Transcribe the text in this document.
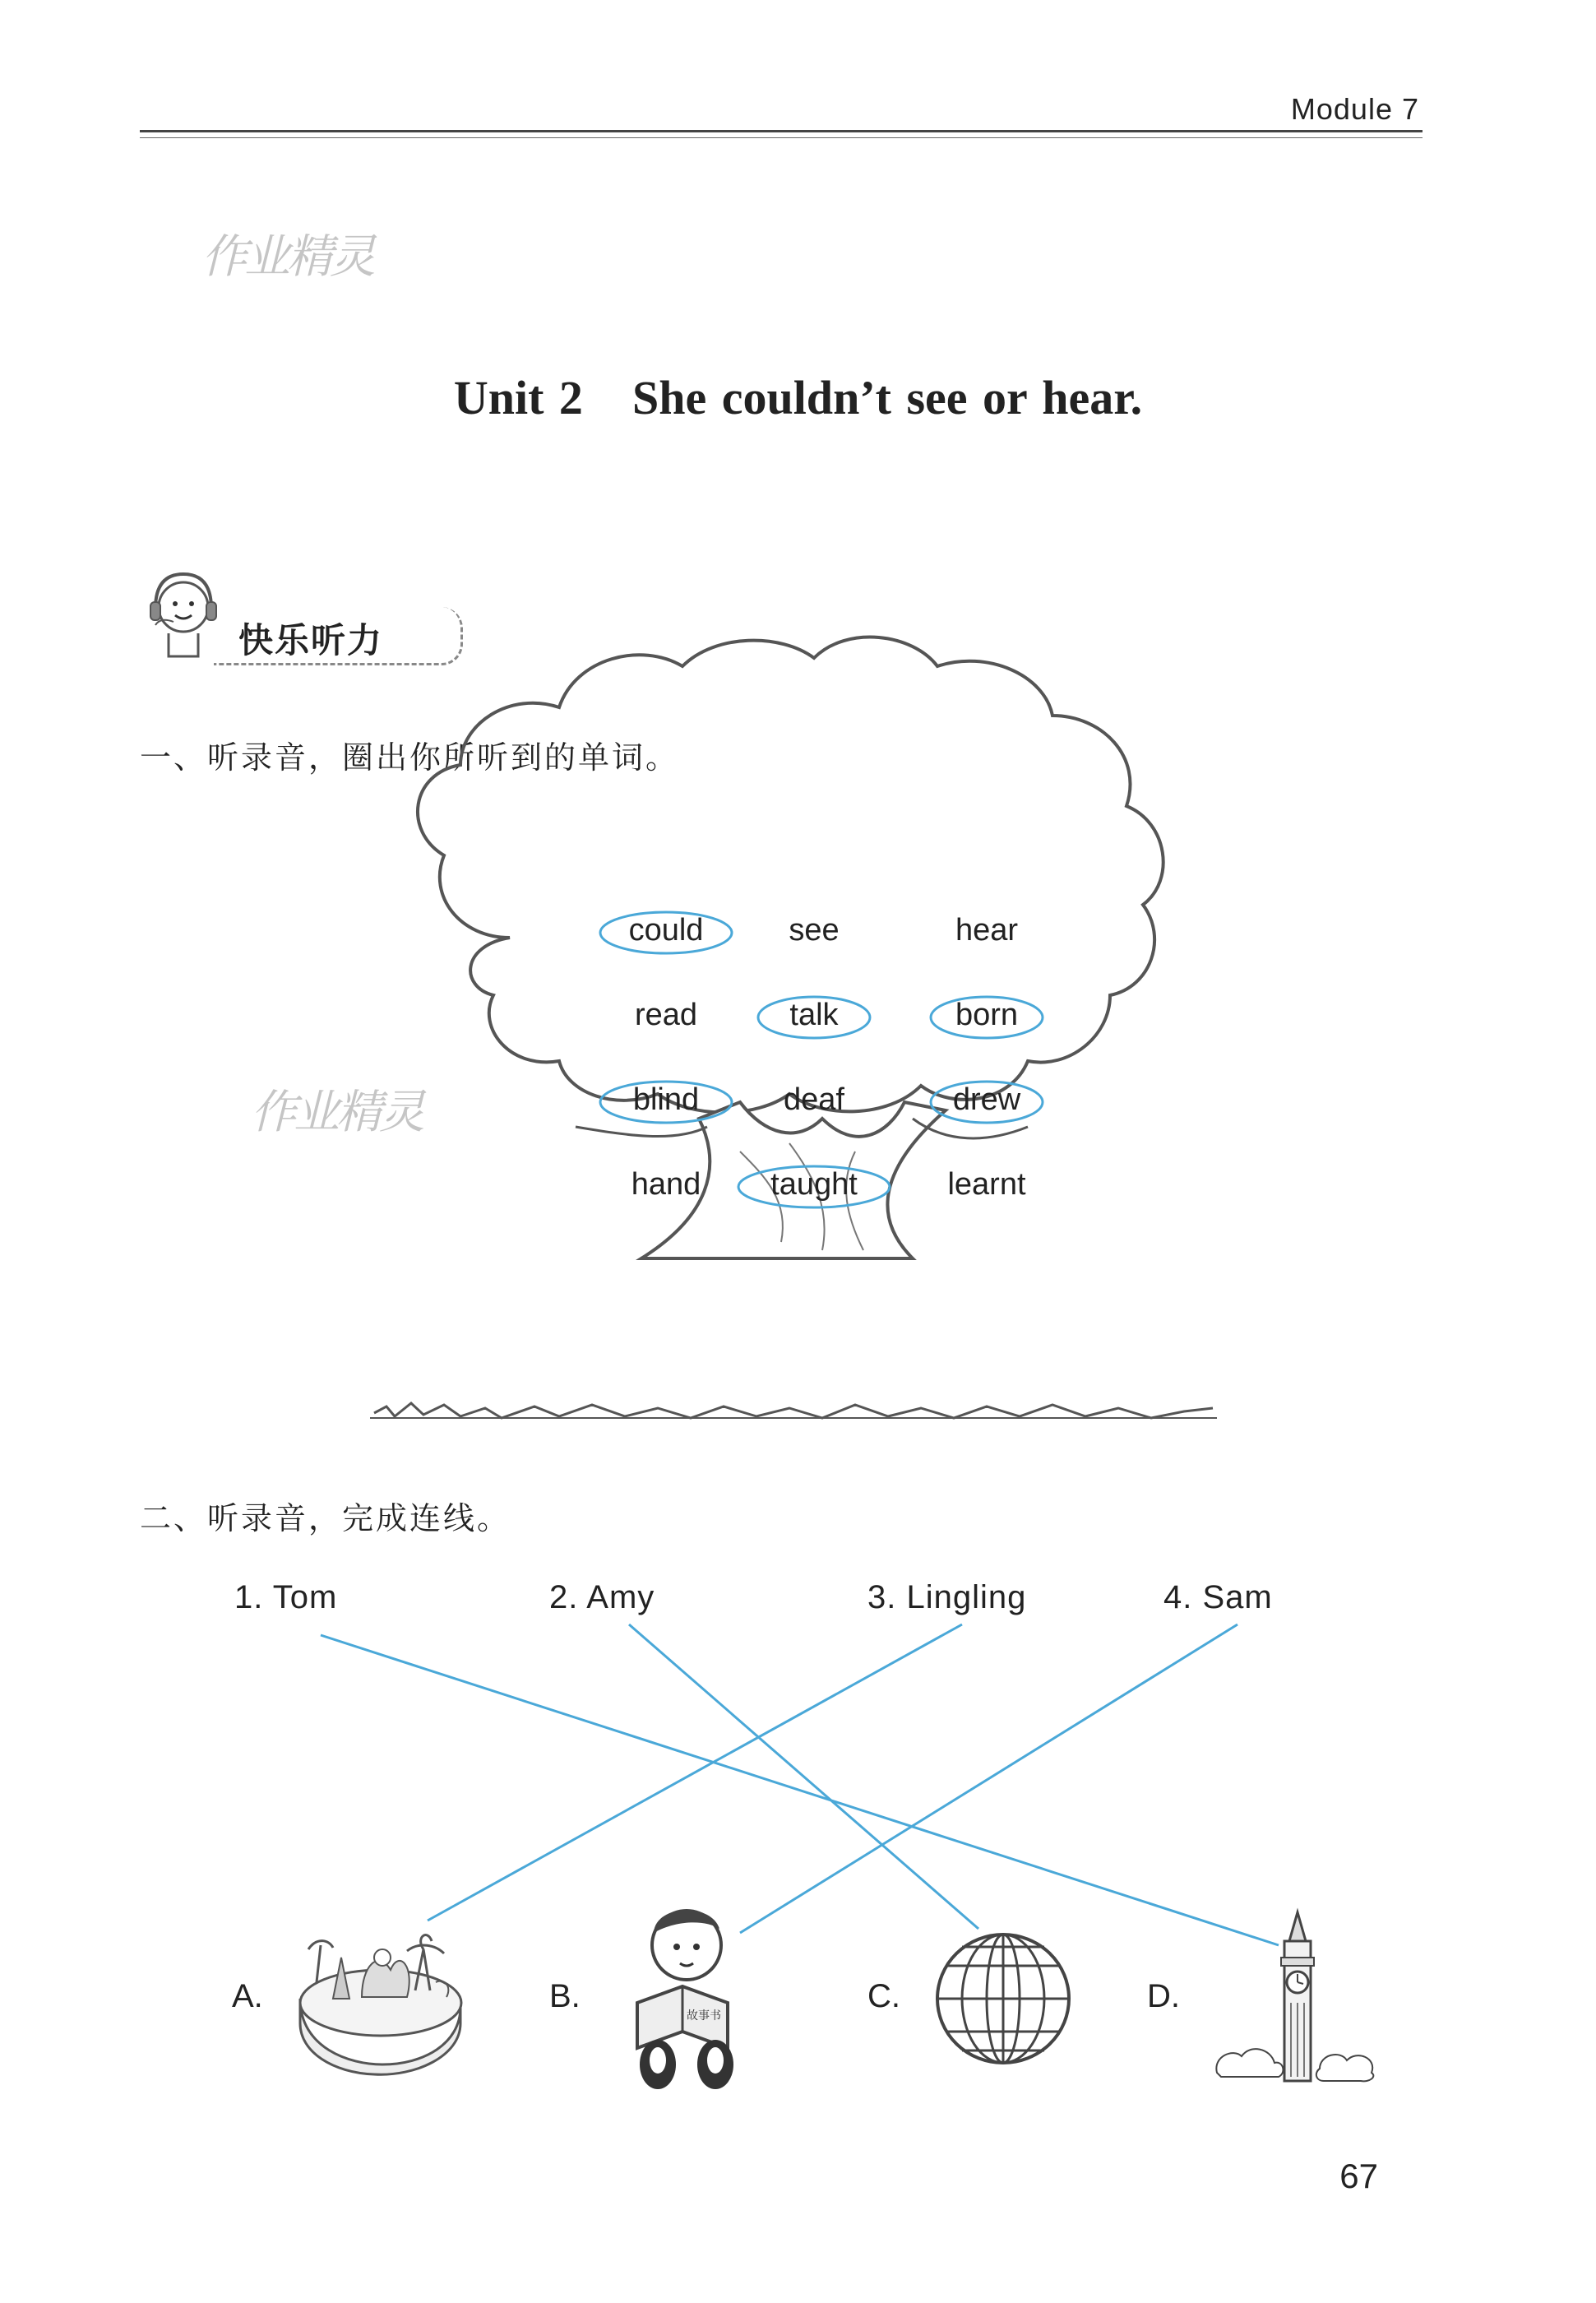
Module 7
作业精灵
作业精灵
Unit 2 She couldn’t see or hear.
快乐听力
一、听录音，圈出你所听到的单词。
could	see	hear
read	talk	born
blind	deaf	drew
hand	taught	learnt
二、听录音，完成连线。
1. Tom	2. Amy	3. Lingling	4. Sam
A.	B.	C.	D.
故事书
67
